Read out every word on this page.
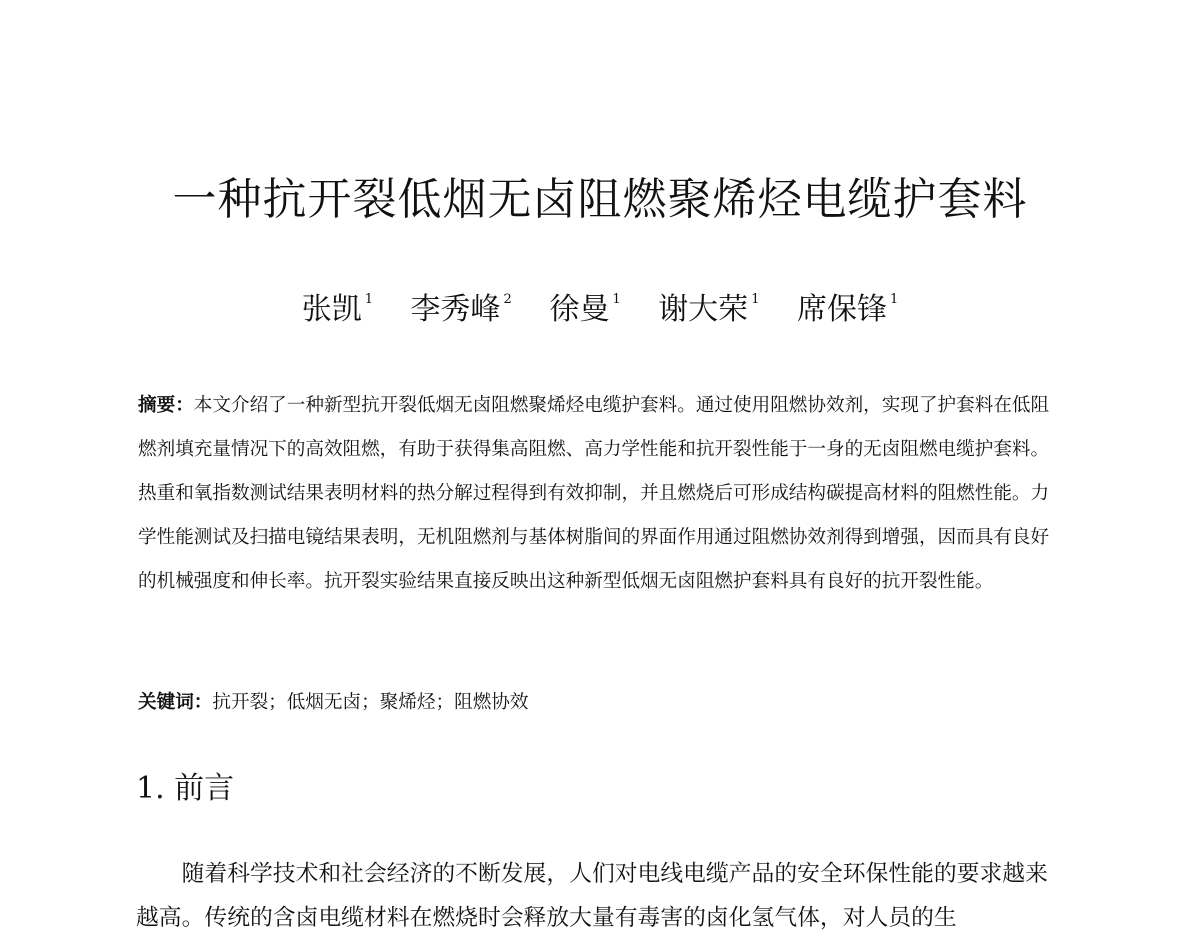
一种抗开裂低烟无卤阻燃聚烯烃电缆护套料
张凯 $^1$ 李秀峰 $^2$ 徐曼 $^1$ 谢大荣 $^1$ 席保锋 $^1$

摘要：本文介绍了一种新型抗开裂低烟无卤阻燃聚烯烃电缆护套料。通过使用阻燃协效剂，实现了护套料在低阻燃剂填充量情况下的高效阻燃，有助于获得集高阻燃、高力学性能和抗开裂性能于一身的无卤阻燃电缆护套料。热重和氧指数测试结果表明材料的热分解过程得到有效抑制，并且燃烧后可形成结构碳提高材料的阻燃性能。力学性能测试及扫描电镜结果表明，无机阻燃剂与基体树脂间的界面作用通过阻燃协效剂得到增强，因而具有良好的机械强度和伸长率。抗开裂实验结果直接反映出这种新型低烟无卤阻燃护套料具有良好的抗开裂性能。

关键词：抗开裂；低烟无卤；聚烯烃；阻燃协效

1. 前言

随着科学技术和社会经济的不断发展，人们对电线电缆产品的安全环保性能的要求越来越高。传统的含卤电缆材料在燃烧时会释放大量有毒害的卤化氢气体，对人员的生
